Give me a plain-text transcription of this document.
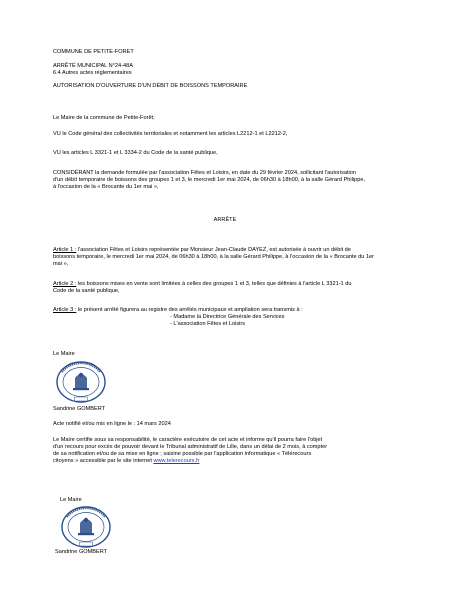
COMMUNE DE PETITE-FORET
ARRÊTÉ MUNICIPAL N°24-48A
6.4 Autres actes réglementaires
AUTORISATION D'OUVERTURE D'UN DÉBIT DE BOISSONS TEMPORAIRE
Le Maire de la commune de Petite-Forêt;
VU le Code général des collectivités territoriales et notamment les articles L2212-1 et L2212-2,
VU les articles L 3321-1 et L 3334-2 du Code de la santé publique,
CONSIDÉRANT la demande formulée par l'association Fêtes et Loisirs, en date du 29 février 2024, sollicitant l'autorisation
d'un débit temporaire de boissons des groupes 1 et 3, le mercredi 1er mai 2024, de 06h30 à 18h00, à la salle Gérard Philippe,
à l'occasion de la « Brocante du 1er mai »,
ARRÊTE
Article 1 : l'association Fêtes et Loisirs représentée par Monsieur Jean-Claude DAYEZ, est autorisée à ouvrir un débit de
boissons temporaire, le mercredi 1er mai 2024, de 06h30 à 18h00, à la salle Gérard Philippe, à l'occasion de la « Brocante du 1er
mai »,
Article 2 : les boissons mises en vente sont limitées à celles des groupes 1 et 3, telles que définies à l'article L 3321-1 du
Code de la santé publique,
Article 3 : le présent arrêté figurera au registre des arrêtés municipaux et ampliation sera transmis à :
- Madame la Directrice Générale des Services
- L'association Fêtes et Loisirs
Le Maire
Sandrine GOMBERT
Acte notifié et/ou mis en ligne le : 14 mars 2024
Le Maire certifie sous sa responsabilité, le caractère exécutoire de cet acte et informe qu'il pourra faire l'objet
d'un recours pour excès de pouvoir devant le Tribunal administratif de Lille, dans un délai de 2 mois, à compter
de sa notification et/ou de sa mise en ligne ; saisine possible par l'application informatique « Télérecours
citoyens » accessible par le site internet www.telerecours.fr
Le Maire
Sandrine GOMBERT
